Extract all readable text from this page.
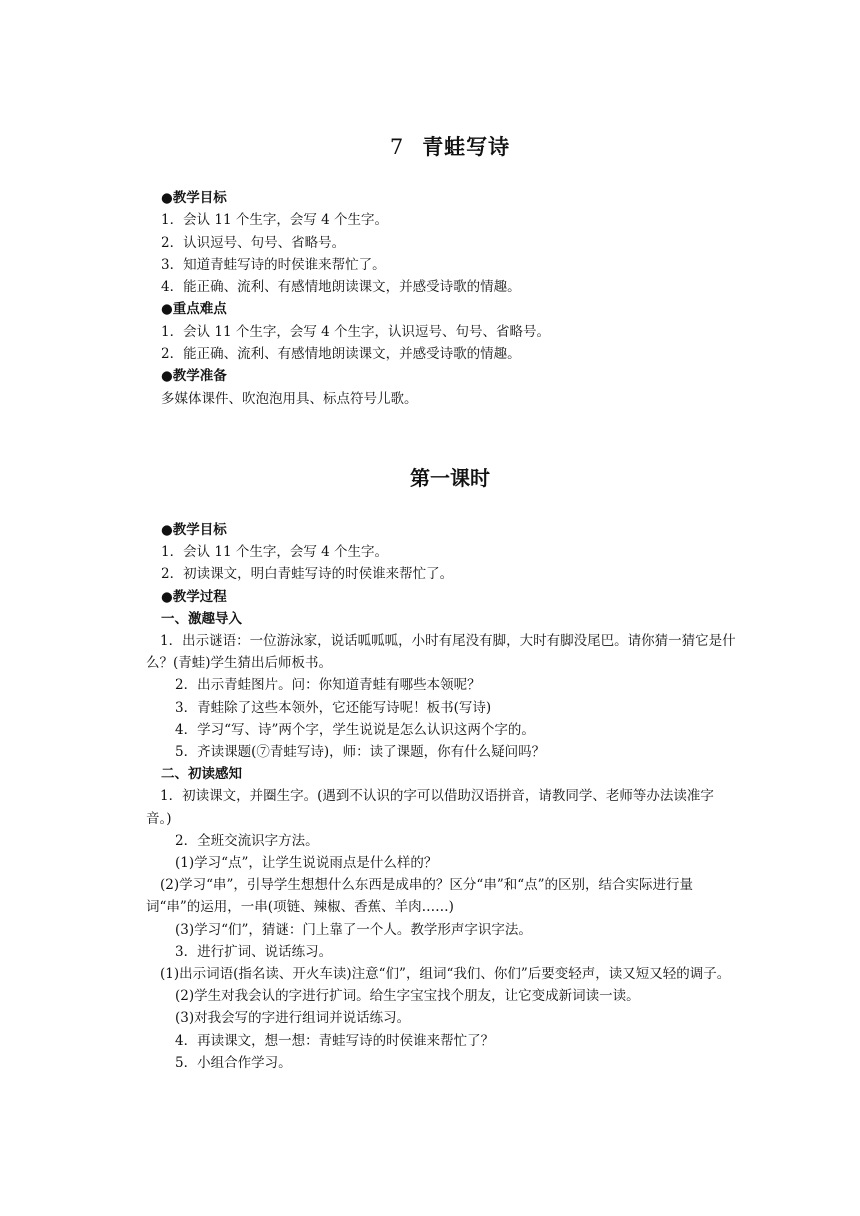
7 青蛙写诗

●教学目标

1．会认 11 个生字，会写 4 个生字。

2．认识逗号、句号、省略号。

3．知道青蛙写诗的时侯谁来帮忙了。

4．能正确、流利、有感情地朗读课文，并感受诗歌的情趣。

●重点难点

1．会认 11 个生字，会写 4 个生字，认识逗号、句号、省略号。

2．能正确、流利、有感情地朗读课文，并感受诗歌的情趣。

●教学准备

多媒体课件、吹泡泡用具、标点符号儿歌。

第一课时

●教学目标

1．会认 11 个生字，会写 4 个生字。

2．初读课文，明白青蛙写诗的时侯谁来帮忙了。

●教学过程

一、激趣导入

1．出示谜语：一位游泳家，说话呱呱呱，小时有尾没有脚，大时有脚没尾巴。请你猜一猜它是什么？(青蛙)学生猜出后师板书。

2．出示青蛙图片。问：你知道青蛙有哪些本领呢？

3．青蛙除了这些本领外，它还能写诗呢！板书(写诗)

4．学习“写、诗”两个字，学生说说是怎么认识这两个字的。

5．齐读课题(⑦青蛙写诗)，师：读了课题，你有什么疑问吗？

二、初读感知

1．初读课文，并圈生字。(遇到不认识的字可以借助汉语拼音，请教同学、老师等办法读准字音。)

2．全班交流识字方法。

(1)学习“点”，让学生说说雨点是什么样的？

(2)学习“串”，引导学生想想什么东西是成串的？区分“串”和“点”的区别，结合实际进行量词“串”的运用，一串(项链、辣椒、香蕉、羊肉……)

(3)学习“们”，猜谜：门上靠了一个人。教学形声字识字法。

3．进行扩词、说话练习。

(1)出示词语(指名读、开火车读)注意“们”，组词“我们、你们”后要变轻声，读又短又轻的调子。

(2)学生对我会认的字进行扩词。给生字宝宝找个朋友，让它变成新词读一读。

(3)对我会写的字进行组词并说话练习。

4．再读课文，想一想：青蛙写诗的时侯谁来帮忙了？

5．小组合作学习。
